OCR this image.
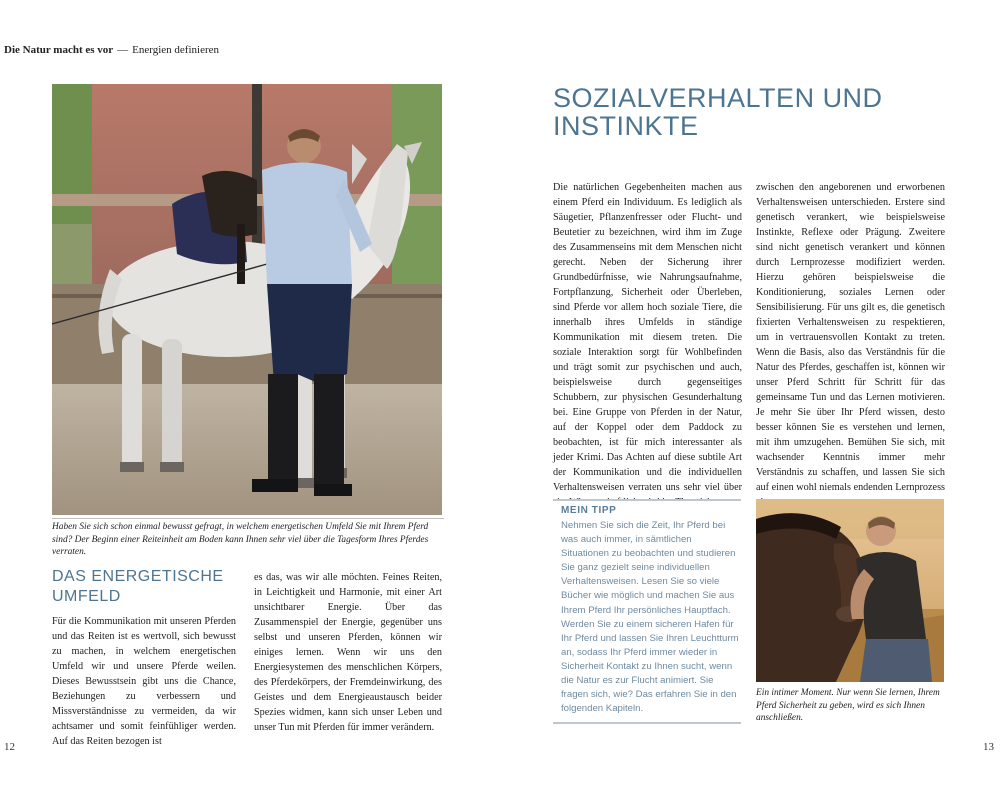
Die Natur macht es vor — Energien definieren
Haben Sie sich schon einmal bewusst gefragt, in welchem energetischen Umfeld Sie mit Ihrem Pferd sind? Der Beginn einer Reiteinheit am Boden kann Ihnen sehr viel über die Tagesform Ihres Pferdes verraten.
DAS ENERGETISCHE UMFELD
Für die Kommunikation mit unseren Pferden und das Reiten ist es wertvoll, sich bewusst zu machen, in welchem energetischen Umfeld wir und unsere Pferde weilen. Dieses Bewusstsein gibt uns die Chance, Beziehungen zu verbessern und Missverständnisse zu vermeiden, da wir achtsamer und somit feinfühliger werden. Auf das Reiten bezogen ist
es das, was wir alle möchten. Feines Reiten, in Leichtigkeit und Harmonie, mit einer Art unsichtbarer Energie. Über das Zusammenspiel der Energie, gegenüber uns selbst und unseren Pferden, können wir einiges lernen. Wenn wir uns den Energiesystemen des menschlichen Körpers, des Pferdekörpers, der Fremdeinwirkung, des Geistes und dem Energieaustausch beider Spezies widmen, kann sich unser Leben und unser Tun mit Pferden für immer verändern.
SOZIALVERHALTEN UND INSTINKTE
Die natürlichen Gegebenheiten machen aus einem Pferd ein Individuum. Es lediglich als Säugetier, Pflanzenfresser oder Flucht- und Beutetier zu bezeichnen, wird ihm im Zuge des Zusammenseins mit dem Menschen nicht gerecht. Neben der Sicherung ihrer Grundbedürfnisse, wie Nahrungsaufnahme, Fortpflanzung, Sicherheit oder Überleben, sind Pferde vor allem hoch soziale Tiere, die innerhalb ihres Umfelds in ständige Kommunikation mit diesem treten. Die soziale Interaktion sorgt für Wohlbefinden und trägt somit zur psychischen und auch, beispielsweise durch gegenseitiges Schubbern, zur physischen Gesunderhaltung bei. Eine Gruppe von Pferden in der Natur, auf der Koppel oder dem Paddock zu beobachten, ist für mich interessanter als jeder Krimi. Das Achten auf diese subtile Art der Kommunikation und die individuellen Verhaltensweisen verraten uns sehr viel über
zwischen den angeborenen und erworbenen Verhaltensweisen unterschieden. Erstere sind genetisch verankert, wie beispielsweise Instinkte, Reflexe oder Prägung. Zweitere sind nicht genetisch verankert und können durch Lernprozesse modifiziert werden. Hierzu gehören beispielsweise die Konditionierung, soziales Lernen oder Sensibilisierung. Für uns gilt es, die genetisch fixierten Verhaltensweisen zu respektieren, um in vertrauensvollen Kontakt zu treten. Wenn die Basis, also das Verständnis für die Natur des Pferdes, geschaffen ist, können wir unser Pferd Schritt für Schritt für das gemeinsame Tun und das Lernen motivieren. Je mehr Sie über Ihr Pferd wissen, desto besser können Sie es verstehen und lernen, mit ihm umzugehen. Bemühen Sie sich, mit wachsender Kenntnis immer mehr Verständnis zu schaffen, und lassen Sie sich auf einen wohl niemals endenden Lernprozess
MEIN TIPP
Nehmen Sie sich die Zeit, Ihr Pferd bei was auch immer, in sämtlichen Situationen zu beobachten und studieren Sie ganz gezielt seine individuellen Verhaltensweisen. Lesen Sie so viele Bücher wie möglich und machen Sie aus Ihrem Pferd Ihr persönliches Hauptfach. Werden Sie zu einem sicheren Hafen für Ihr Pferd und lassen Sie Ihren Leuchtturm an, sodass Ihr Pferd immer wieder in Sicherheit Kontakt zu Ihnen sucht, wenn die Natur es zur Flucht animiert. Sie fragen sich, wie? Das erfahren Sie in den folgenden Kapiteln.
Ein intimer Moment. Nur wenn Sie lernen, Ihrem Pferd Sicherheit zu geben, wird es sich Ihnen anschließen.
12	13
